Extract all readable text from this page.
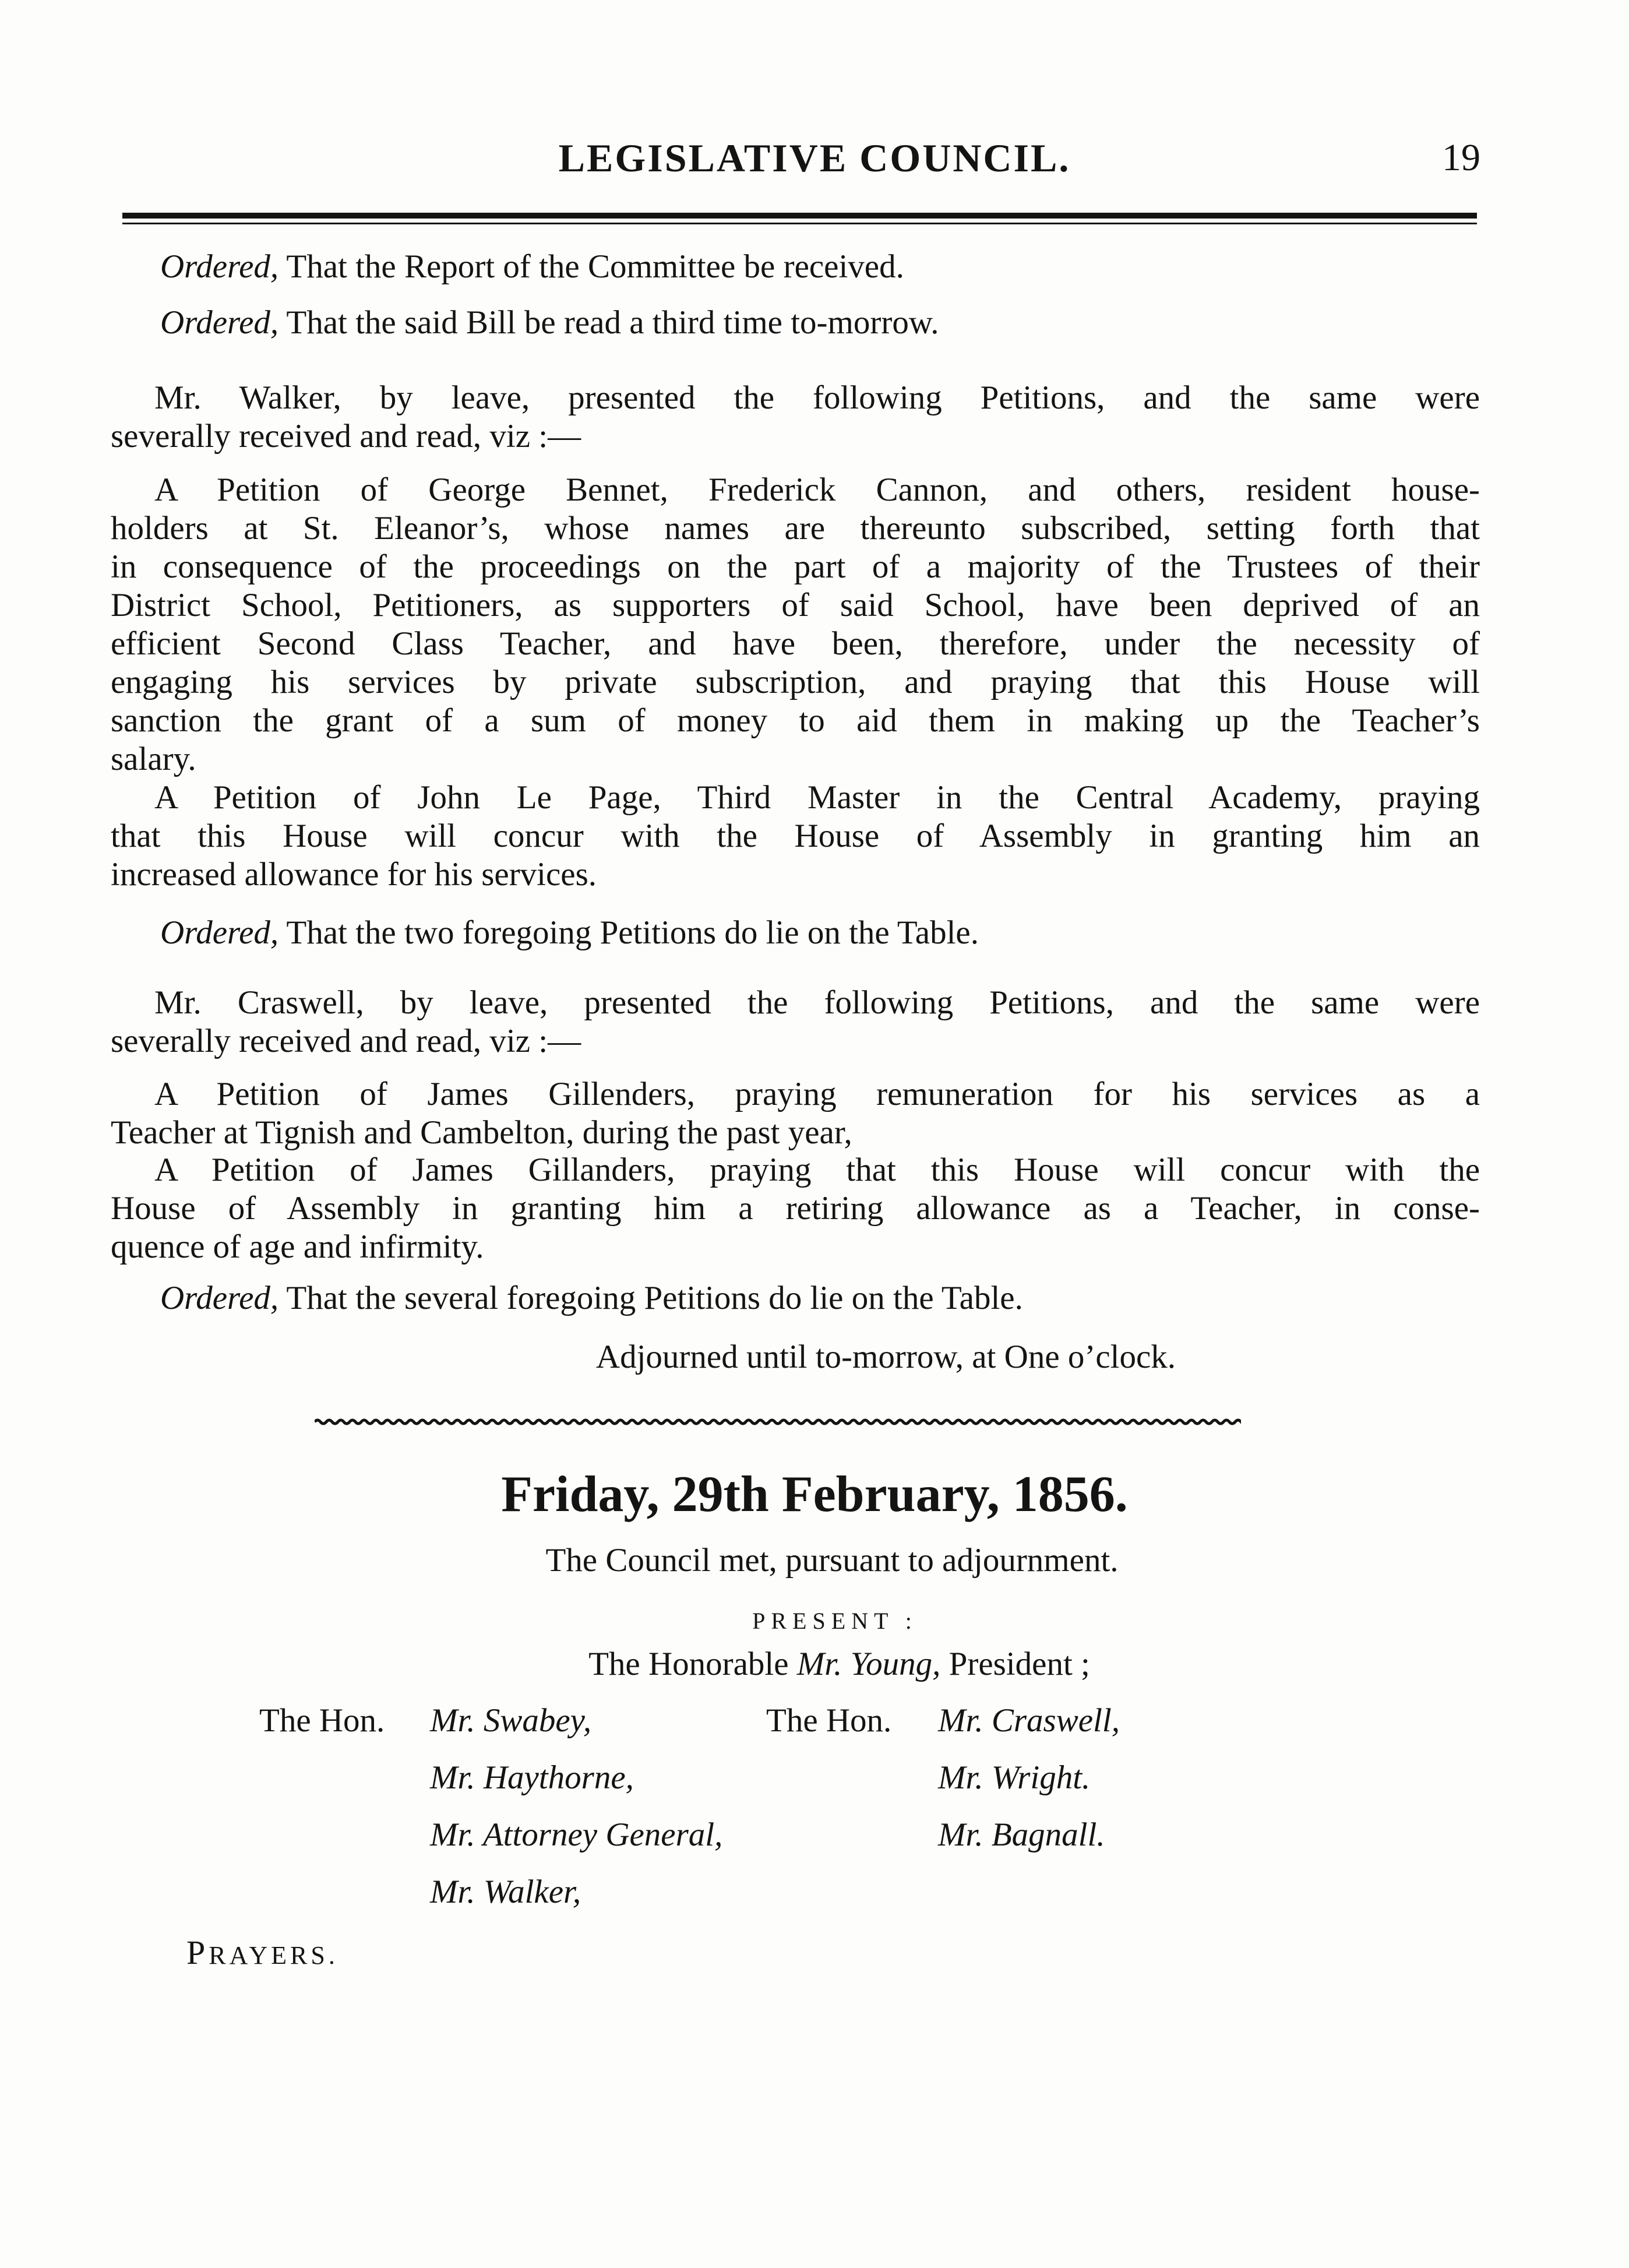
LEGISLATIVE COUNCIL.	19
Ordered, That the Report of the Committee be received.
Ordered, That the said Bill be read a third time to-morrow.
Mr. Walker, by leave, presented the following Petitions, and the same were
severally received and read, viz :—
A Petition of George Bennet, Frederick Cannon, and others, resident house-
holders at St. Eleanor’s, whose names are thereunto subscribed, setting forth that
in consequence of the proceedings on the part of a majority of the Trustees of their
District School, Petitioners, as supporters of said School, have been deprived of an
efficient Second Class Teacher, and have been, therefore, under the necessity of
engaging his services by private subscription, and praying that this House will
sanction the grant of a sum of money to aid them in making up the Teacher’s
salary.
A Petition of John Le Page, Third Master in the Central Academy, praying
that this House will concur with the House of Assembly in granting him an
increased allowance for his services.
Ordered, That the two foregoing Petitions do lie on the Table.
Mr. Craswell, by leave, presented the following Petitions, and the same were
severally received and read, viz :—
A Petition of James Gillenders, praying remuneration for his services as a
Teacher at Tignish and Cambelton, during the past year,
A Petition of James Gillanders, praying that this House will concur with the
House of Assembly in granting him a retiring allowance as a Teacher, in conse-
quence of age and infirmity.
Ordered, That the several foregoing Petitions do lie on the Table.
Adjourned until to-morrow, at One o’clock.
Friday, 29th February, 1856.
The Council met, pursuant to adjournment.
PRESENT :
The Honorable Mr. Young, President ;
The Hon. Mr. Swabey,
Mr. Haythorne,
Mr. Attorney General,
Mr. Walker,
The Hon. Mr. Craswell,
Mr. Wright.
Mr. Bagnall.
PRAYERS.
